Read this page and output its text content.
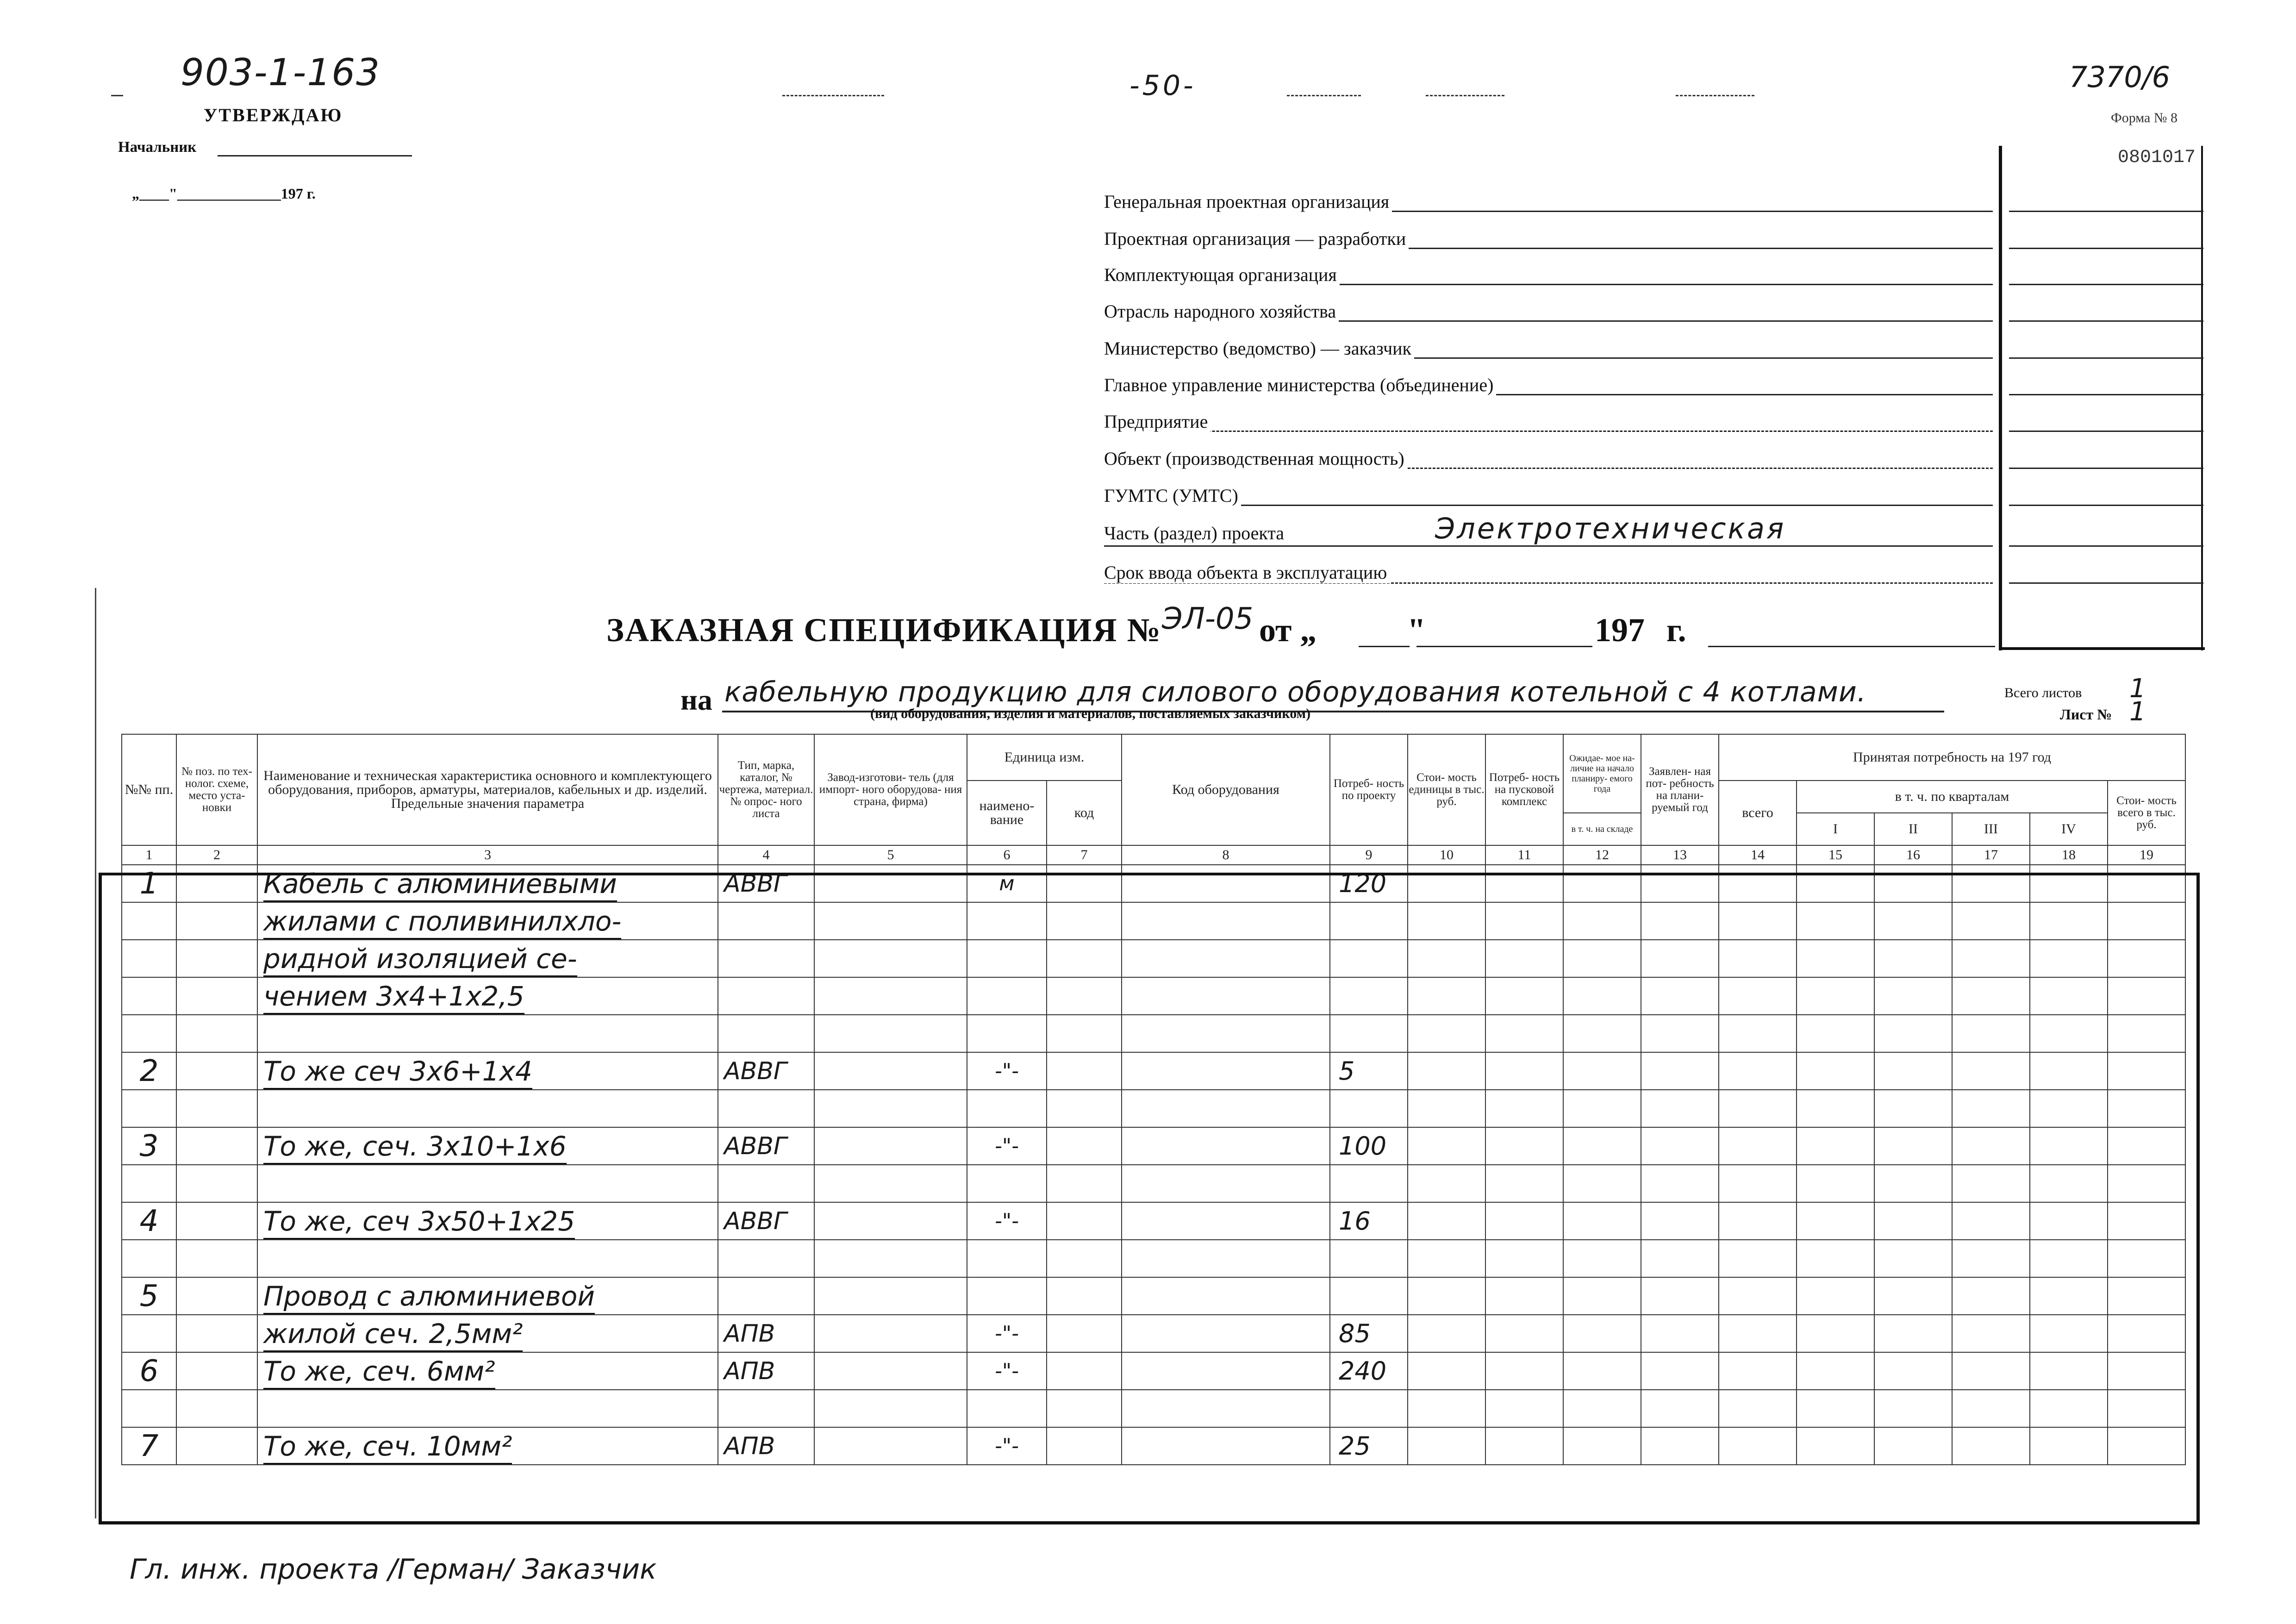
903-1-163
УТВЕРЖДАЮ
Начальник
„____"______________197 г.
-50-	7370/6
Форма № 8
0801017
Генеральная проектная организация
Проектная организация — разработки
Комплектующая организация
Отрасль народного хозяйства
Министерство (ведомство) — заказчик
Главное управление министерства (объединение)
Предприятие
Объект (производственная мощность)
ГУМТС (УМТС)
Часть (раздел) проекта	Электротехническая
Срок ввода объекта в эксплуатацию
ЗАКАЗНАЯ СПЕЦИФИКАЦИЯ № ЭЛ-05 от „	"	197 г.
на кабельную продукцию для силового оборудования котельной с 4 котлами.
(вид оборудования, изделия и материалов, поставляемых заказчиком)
Всего листов 1
Лист № 1
№№ пп.	№ поз. по тех- нолог. схеме, место уста- новки	Наименование и техническая характеристика основного и комплектующего оборудования, приборов, арматуры, материалов, кабельных и др. изделий. Предельные значения параметра	Тип, марка, каталог, № чертежа, материал. № опрос- ного листа	Завод-изготови- тель (для импорт- ного оборудова- ния страна, фирма)	Единица изм.		Код оборудования	Потреб- ность по проекту	Стои- мость единицы в тыс. руб.	Потреб- ность на пусковой комплекс	Ожидае- мое на- личие на начало планиру- емого года	Заявлен- ная пот- ребность на плани- руемый год	Принятая потребность на 197 год					
					наимено- вание	код							всего	в т. ч. по кварталам				Стои- мость всего в тыс. руб.
											в т. ч. на складе			I	II	III	IV	
1	2	3	4	5	6	7	8	9	10	11	12	13	14	15	16	17	18	19
1		Кабель с алюминиевыми	АВВГ		м			120										
		жилами с поливинилхло-																
		ридной изоляцией се-																
		чением 3х4+1х2,5																

2		То же сеч 3х6+1х4	АВВГ		-"-			5										

3		То же, сеч. 3х10+1х6	АВВГ		-"-			100										

4		То же, сеч 3х50+1х25	АВВГ		-"-			16										

5		Провод с алюминиевой																
		жилой сеч. 2,5мм²	АПВ		-"-			85										
6		То же, сеч. 6мм²	АПВ		-"-			240										

7		То же, сеч. 10мм²	АПВ		-"-			25										
Гл. инж. проекта /Герман/ Заказчик
